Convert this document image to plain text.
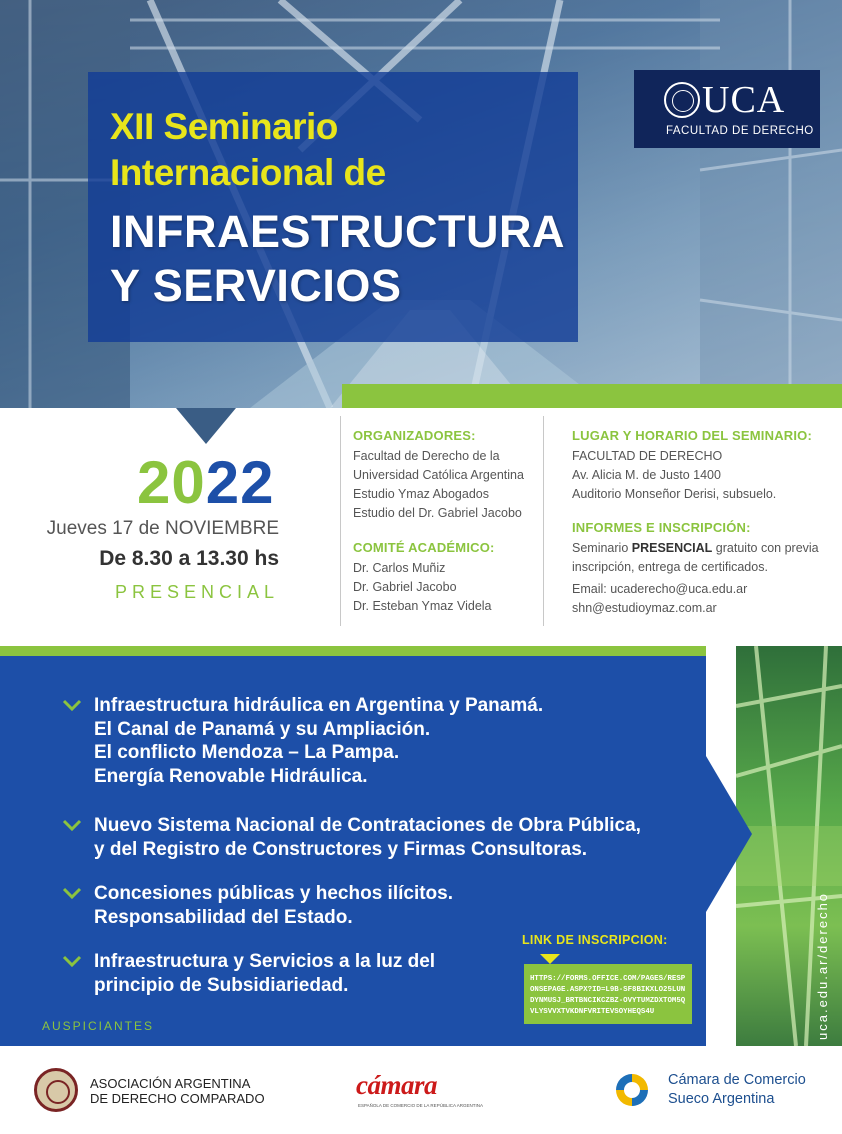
XII Seminario
Internacional de
INFRAESTRUCTURA
Y SERVICIOS
UCA
FACULTAD DE DERECHO
2022
Jueves 17 de NOVIEMBRE
De 8.30 a 13.30 hs
PRESENCIAL
ORGANIZADORES:
Facultad de Derecho de la
Universidad Católica Argentina
Estudio Ymaz Abogados
Estudio del Dr. Gabriel Jacobo
COMITÉ ACADÉMICO:
Dr. Carlos Muñiz
Dr. Gabriel Jacobo
Dr. Esteban Ymaz Videla
LUGAR Y HORARIO DEL SEMINARIO:
FACULTAD DE DERECHO
Av. Alicia M. de Justo 1400
Auditorio Monseñor Derisi, subsuelo.
INFORMES E INSCRIPCIÓN:
Seminario PRESENCIAL gratuito con previa
inscripción, entrega de certificados.
Email: ucaderecho@uca.edu.ar
shn@estudioymaz.com.ar
Infraestructura hidráulica en Argentina y Panamá.
El Canal de Panamá y su Ampliación.
El conflicto Mendoza – La Pampa.
Energía Renovable Hidráulica.
Nuevo Sistema Nacional de Contrataciones de Obra Pública,
y del Registro de Constructores y Firmas Consultoras.
Concesiones públicas y hechos ilícitos.
Responsabilidad del Estado.
Infraestructura y Servicios a la luz del
principio de Subsidiariedad.
LINK DE INSCRIPCION:
HTTPS://FORMS.OFFICE.COM/PAGES/RESPONSEPAGE.ASPX?ID=L9B-SF8BIKXLO25LUNDYNMUSJ_BRTBNCIKCZBZ-OVYTUMZDXTOM5QVLYSVVXTVKDNFVRITEVSOYHEQS4U
AUSPICIANTES	uca.edu.ar/derecho
ASOCIACIÓN ARGENTINA
DE DERECHO COMPARADO	cámara
ESPAÑOLA DE COMERCIO DE LA REPÚBLICA ARGENTINA
Cámara de Comercio
Sueco Argentina
